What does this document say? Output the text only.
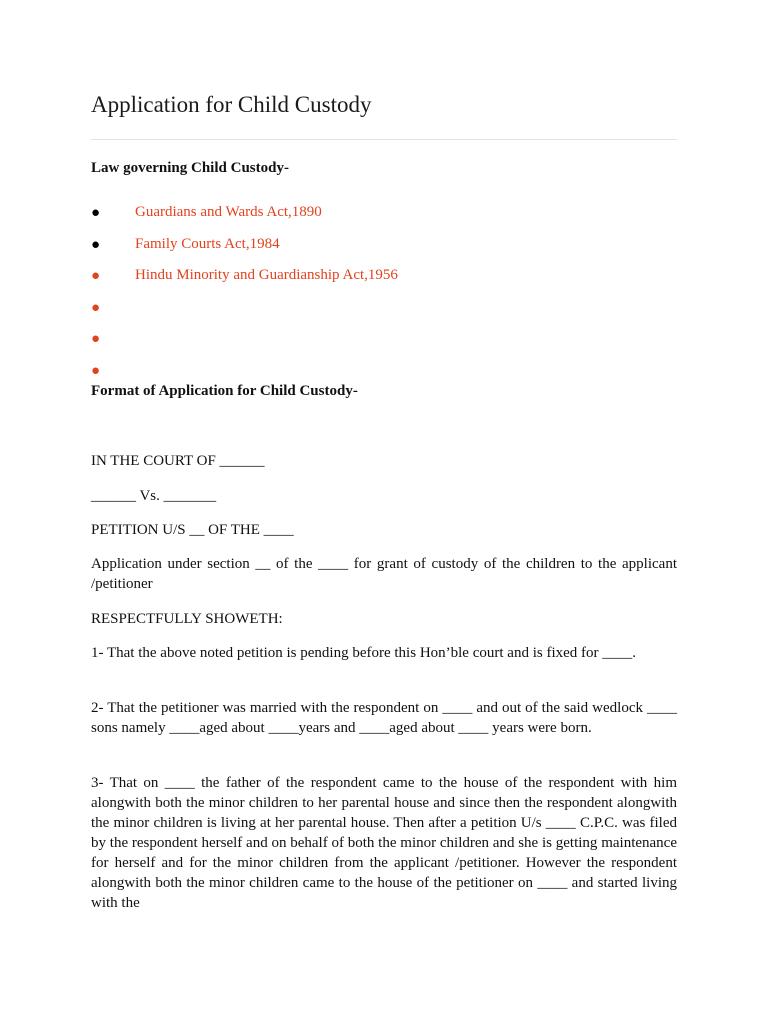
Application for Child Custody

Law governing Child Custody-

● Guardians and Wards Act,1890
● Family Courts Act,1984
● Hindu Minority and Guardianship Act,1956
●
●
●

Format of Application for Child Custody-

IN THE COURT OF ______

______ Vs. _______

PETITION U/S __ OF THE ____

Application under section __ of the ____ for grant of custody of the children to the applicant /petitioner

RESPECTFULLY SHOWETH:

1- That the above noted petition is pending before this Hon’ble court and is fixed for ____.

2- That the petitioner was married with the respondent on ____ and out of the said wedlock ____ sons namely ____aged about ____years and ____aged about ____ years were born.

3- That on ____ the father of the respondent came to the house of the respondent with him alongwith both the minor children to her parental house and since then the respondent alongwith the minor children is living at her parental house. Then after a petition U/s ____ C.P.C. was filed by the respondent herself and on behalf of both the minor children and she is getting maintenance for herself and for the minor children from the applicant /petitioner. However the respondent alongwith both the minor children came to the house of the petitioner on ____ and started living with the
